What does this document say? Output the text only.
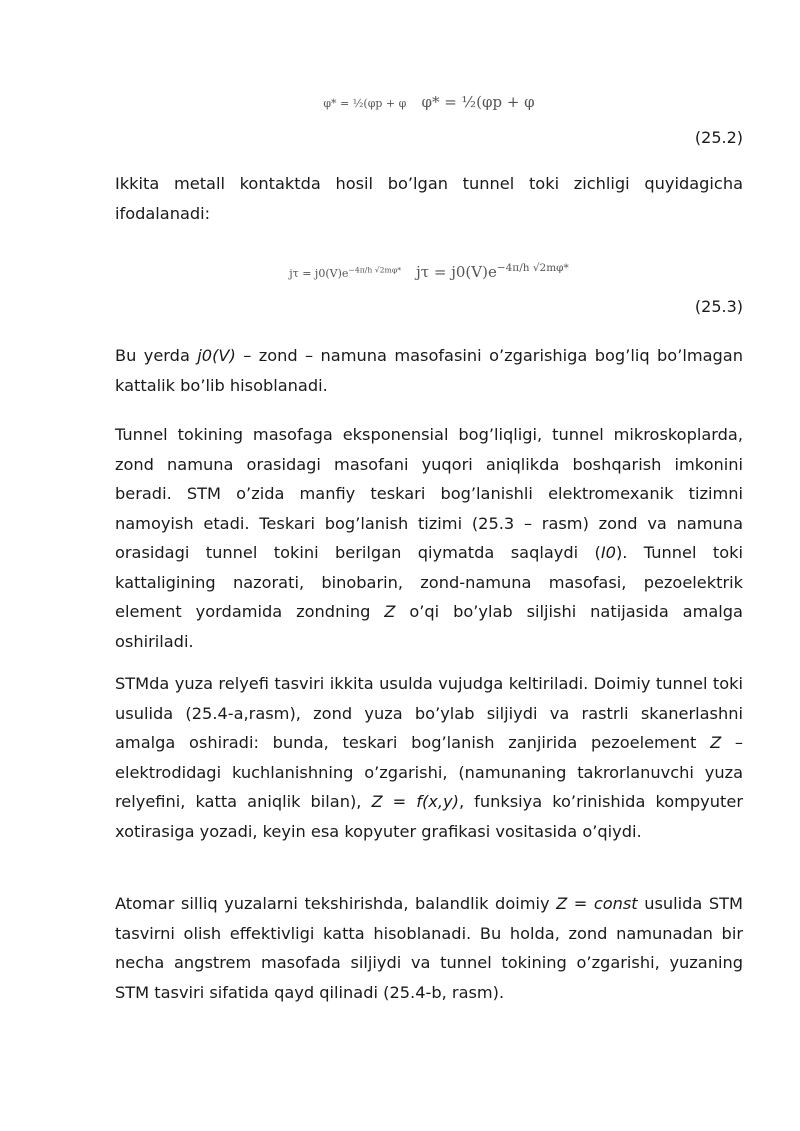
φ* = ½(φp + φ φ* = ½(φp + φ
(25.2)

Ikkita metall kontaktda hosil bo’lgan tunnel toki zichligi quyidagicha ifodalanadi:

$j\tau = j0(V)e^{-4\pi/h √2m\varphi*}$ $j\tau = j0(V)e^{-4\pi/h √2m\varphi*}$
(25.3)

Bu yerda j0(V) – zond – namuna masofasini o’zgarishiga bog’liq bo’lmagan kattalik bo’lib hisoblanadi.

Tunnel tokining masofaga eksponensial bog’liqligi, tunnel mikroskoplarda, zond namuna orasidagi masofani yuqori aniqlikda boshqarish imkonini beradi. STM o’zida manfiy teskari bog’lanishli elektromexanik tizimni namoyish etadi. Teskari bog’lanish tizimi (25.3 – rasm) zond va namuna orasidagi tunnel tokini berilgan qiymatda saqlaydi (I0). Tunnel toki kattaligining nazorati, binobarin, zond-namuna masofasi, pezoelektrik element yordamida zondning Z o’qi bo’ylab siljishi natijasida amalga oshiriladi.

STMda yuza relyefi tasviri ikkita usulda vujudga keltiriladi. Doimiy tunnel toki usulida (25.4-a,rasm), zond yuza bo’ylab siljiydi va rastrli skanerlashni amalga oshiradi: bunda, teskari bog’lanish zanjirida pezoelement Z – elektrodidagi kuchlanishning o’zgarishi, (namunaning takrorlanuvchi yuza relyefini, katta aniqlik bilan), Z = f(x,y), funksiya ko’rinishida kompyuter xotirasiga yozadi, keyin esa kopyuter grafikasi vositasida o’qiydi.

Atomar silliq yuzalarni tekshirishda, balandlik doimiy Z = const usulida STM tasvirni olish effektivligi katta hisoblanadi. Bu holda, zond namunadan bir necha angstrem masofada siljiydi va tunnel tokining o’zgarishi, yuzaning STM tasviri sifatida qayd qilinadi (25.4-b, rasm).
